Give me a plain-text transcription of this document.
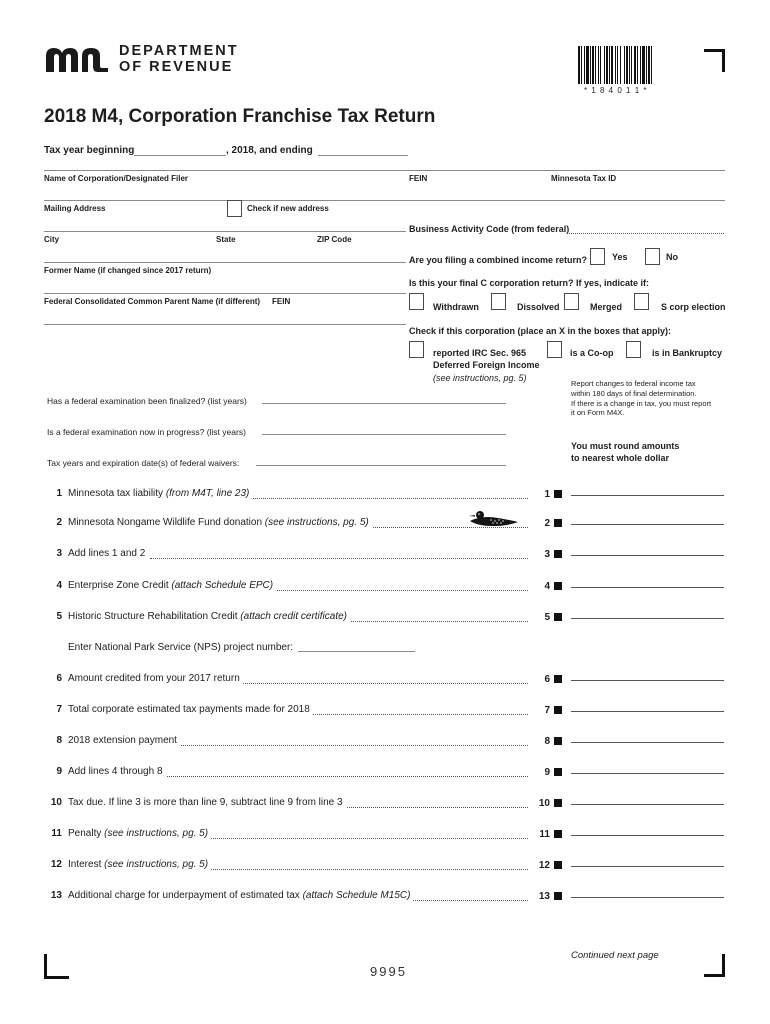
DEPARTMENT
OF REVENUE
* 1 8 4 0 1 1 *
2018 M4, Corporation Franchise Tax Return
Tax year beginning	, 2018, and ending
Name of Corporation/Designated Filer	FEIN	Minnesota Tax ID
Mailing Address	Check if new address
City	State	ZIP Code
Former Name (if changed since 2017 return)
Federal Consolidated Common Parent Name (if different) FEIN
Business Activity Code (from federal)
Are you filing a combined income return?	Yes	No
Is this your final C corporation return? If yes, indicate if:
Withdrawn	Dissolved	Merged	S corp election
Check if this corporation (place an X in the boxes that apply):
reported IRC Sec. 965
Deferred Foreign Income
(see instructions, pg. 5)
is a Co-op	is in Bankruptcy
Report changes to federal income tax
within 180 days of final determination.
If there is a change in tax, you must report
it on Form M4X.
You must round amounts
to nearest whole dollar
Has a federal examination been finalized? (list years)
Is a federal examination now in progress? (list years)
Tax years and expiration date(s) of federal waivers:
1 Minnesota tax liability (from M4T, line 23)	1
2 Minnesota Nongame Wildlife Fund donation (see instructions, pg. 5)	2
3 Add lines 1 and 2	3
4 Enterprise Zone Credit (attach Schedule EPC)	4
5 Historic Structure Rehabilitation Credit (attach credit certificate)	5
6 Amount credited from your 2017 return	6
7 Total corporate estimated tax payments made for 2018	7
8 2018 extension payment	8
9 Add lines 4 through 8	9
10 Tax due. If line 3 is more than line 9, subtract line 9 from line 3	10
11 Penalty (see instructions, pg. 5)	11
12 Interest (see instructions, pg. 5)	12
13 Additional charge for underpayment of estimated tax (attach Schedule M15C)	13
Enter National Park Service (NPS) project number:
Continued next page
9995
